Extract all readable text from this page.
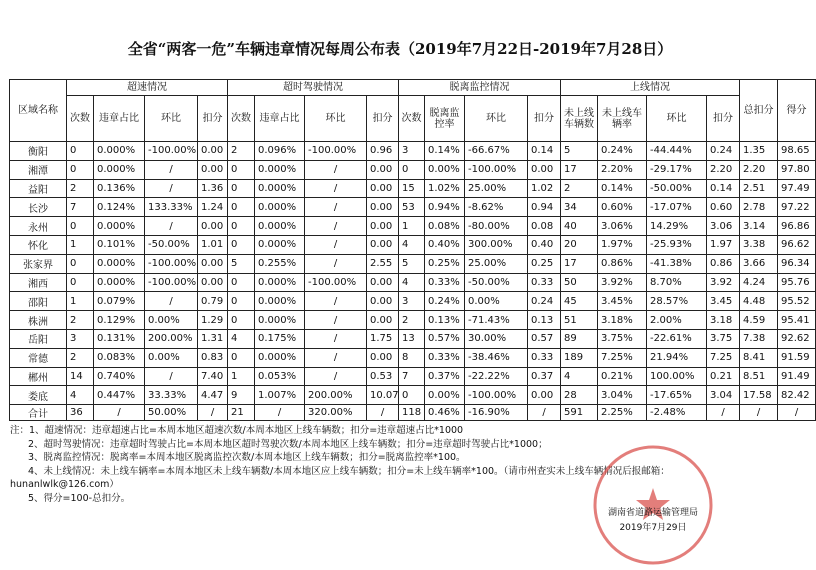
全省“两客一危”车辆违章情况每周公布表（2019年7月22日-2019年7月28日）
区域名称	超速情况				超时驾驶情况				脱离监控情况				上线情况				总扣分	得分
	次数	违章占比	环比	扣分	次数	违章占比	环比	扣分	次数	脱离监控率	环比	扣分	未上线车辆数	未上线车辆率	环比	扣分		
衡阳	0	0.000%	-100.00%	0.00	2	0.096%	-100.00%	0.96	3	0.14%	-66.67%	0.14	5	0.24%	-44.44%	0.24	1.35	98.65
湘潭	0	0.000%	/	0.00	0	0.000%	/	0.00	0	0.00%	-100.00%	0.00	17	2.20%	-29.17%	2.20	2.20	97.80
益阳	2	0.136%	/	1.36	0	0.000%	/	0.00	15	1.02%	25.00%	1.02	2	0.14%	-50.00%	0.14	2.51	97.49
长沙	7	0.124%	133.33%	1.24	0	0.000%	/	0.00	53	0.94%	-8.62%	0.94	34	0.60%	-17.07%	0.60	2.78	97.22
永州	0	0.000%	/	0.00	0	0.000%	/	0.00	1	0.08%	-80.00%	0.08	40	3.06%	14.29%	3.06	3.14	96.86
怀化	1	0.101%	-50.00%	1.01	0	0.000%	/	0.00	4	0.40%	300.00%	0.40	20	1.97%	-25.93%	1.97	3.38	96.62
张家界	0	0.000%	-100.00%	0.00	5	0.255%	/	2.55	5	0.25%	25.00%	0.25	17	0.86%	-41.38%	0.86	3.66	96.34
湘西	0	0.000%	-100.00%	0.00	0	0.000%	-100.00%	0.00	4	0.33%	-50.00%	0.33	50	3.92%	8.70%	3.92	4.24	95.76
邵阳	1	0.079%	/	0.79	0	0.000%	/	0.00	3	0.24%	0.00%	0.24	45	3.45%	28.57%	3.45	4.48	95.52
株洲	2	0.129%	0.00%	1.29	0	0.000%	/	0.00	2	0.13%	-71.43%	0.13	51	3.18%	2.00%	3.18	4.59	95.41
岳阳	3	0.131%	200.00%	1.31	4	0.175%	/	1.75	13	0.57%	30.00%	0.57	89	3.75%	-22.61%	3.75	7.38	92.62
常德	2	0.083%	0.00%	0.83	0	0.000%	/	0.00	8	0.33%	-38.46%	0.33	189	7.25%	21.94%	7.25	8.41	91.59
郴州	14	0.740%	/	7.40	1	0.053%	/	0.53	7	0.37%	-22.22%	0.37	4	0.21%	100.00%	0.21	8.51	91.49
娄底	4	0.447%	33.33%	4.47	9	1.007%	200.00%	10.07	0	0.00%	-100.00%	0.00	28	3.04%	-17.65%	3.04	17.58	82.42
合计	36	/	50.00%	/	21	/	320.00%	/	118	0.46%	-16.90%	/	591	2.25%	-2.48%	/	/	/
注：1、超速情况：违章超速占比=本周本地区超速次数/本周本地区上线车辆数；扣分=违章超速占比*1000
2、超时驾驶情况：违章超时驾驶占比=本周本地区超时驾驶次数/本周本地区上线车辆数；扣分=违章超时驾驶占比*1000；
3、脱离监控情况：脱离率=本周本地区脱离监控次数/本周本地区上线车辆数；扣分=脱离监控率*100。
4、未上线情况：未上线车辆率=本周本地区未上线车辆数/本周本地区应上线车辆数；扣分=未上线车辆率*100。（请市州查实未上线车辆情况后报邮箱：
hunanlwlk@126.com）
5、得分=100-总扣分。
湖南省道路运输管理局
2019年7月29日
